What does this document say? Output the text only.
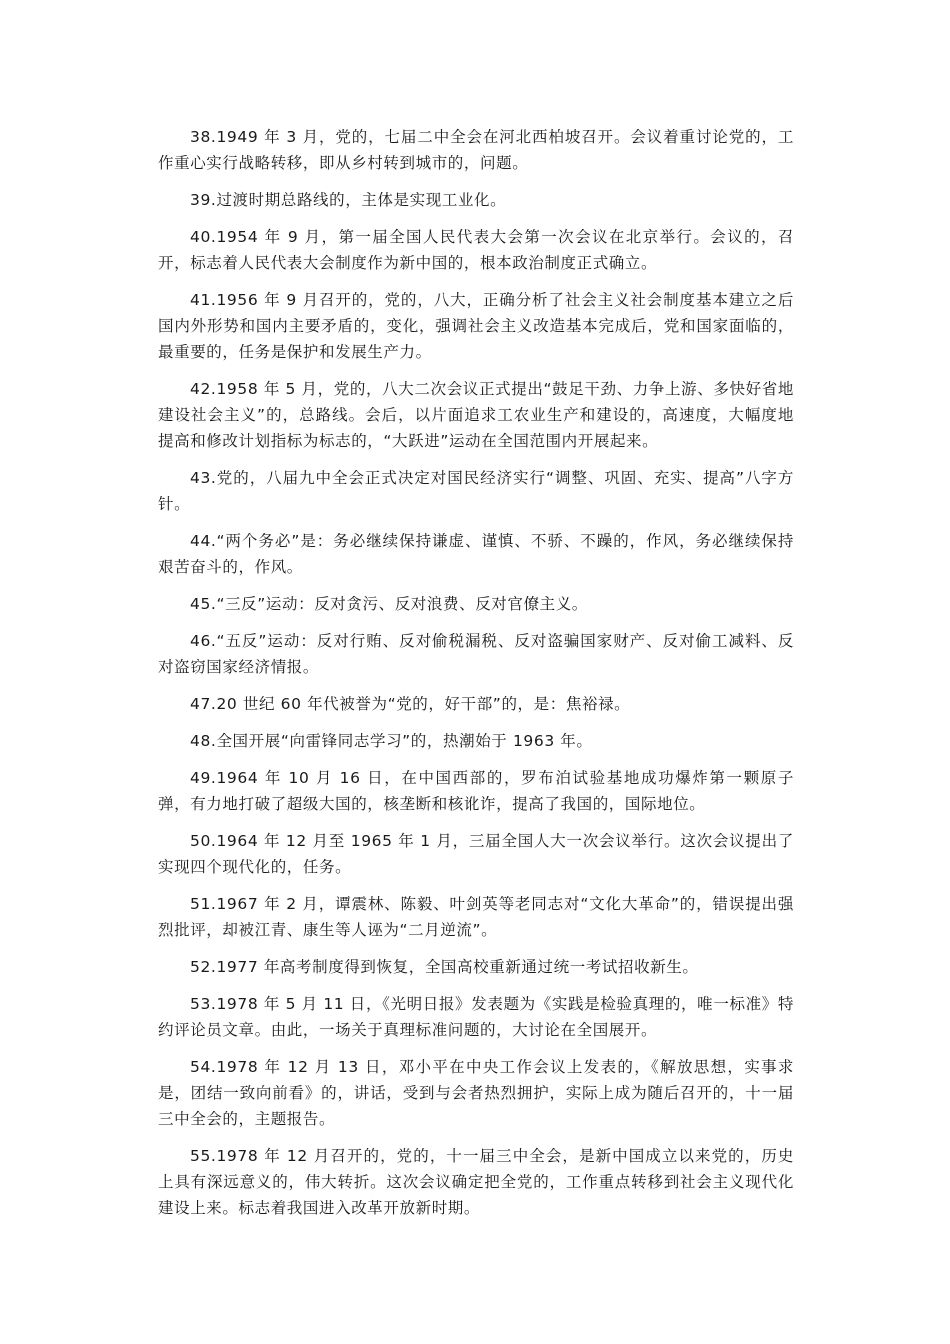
38.1949 年 3 月，党的，七届二中全会在河北西柏坡召开。会议着重讨论党的，工作重心实行战略转移，即从乡村转到城市的，问题。

39.过渡时期总路线的，主体是实现工业化。

40.1954 年 9 月，第一届全国人民代表大会第一次会议在北京举行。会议的，召开，标志着人民代表大会制度作为新中国的，根本政治制度正式确立。

41.1956 年 9 月召开的，党的，八大，正确分析了社会主义社会制度基本建立之后国内外形势和国内主要矛盾的，变化，强调社会主义改造基本完成后，党和国家面临的，最重要的，任务是保护和发展生产力。

42.1958 年 5 月，党的，八大二次会议正式提出“鼓足干劲、力争上游、多快好省地建设社会主义”的，总路线。会后，以片面追求工农业生产和建设的，高速度，大幅度地提高和修改计划指标为标志的，“大跃进”运动在全国范围内开展起来。

43.党的，八届九中全会正式决定对国民经济实行“调整、巩固、充实、提高”八字方针。

44.“两个务必”是：务必继续保持谦虚、谨慎、不骄、不躁的，作风，务必继续保持艰苦奋斗的，作风。

45.“三反”运动：反对贪污、反对浪费、反对官僚主义。

46.“五反”运动：反对行贿、反对偷税漏税、反对盗骗国家财产、反对偷工减料、反对盗窃国家经济情报。

47.20 世纪 60 年代被誉为“党的，好干部”的，是：焦裕禄。

48.全国开展“向雷锋同志学习”的，热潮始于 1963 年。

49.1964 年 10 月 16 日，在中国西部的，罗布泊试验基地成功爆炸第一颗原子弹，有力地打破了超级大国的，核垄断和核讹诈，提高了我国的，国际地位。

50.1964 年 12 月至 1965 年 1 月，三届全国人大一次会议举行。这次会议提出了实现四个现代化的，任务。

51.1967 年 2 月，谭震林、陈毅、叶剑英等老同志对“文化大革命”的，错误提出强烈批评，却被江青、康生等人诬为“二月逆流”。

52.1977 年高考制度得到恢复，全国高校重新通过统一考试招收新生。

53.1978 年 5 月 11 日，《光明日报》发表题为《实践是检验真理的，唯一标准》特约评论员文章。由此，一场关于真理标准问题的，大讨论在全国展开。

54.1978 年 12 月 13 日，邓小平在中央工作会议上发表的，《解放思想，实事求是，团结一致向前看》的，讲话，受到与会者热烈拥护，实际上成为随后召开的，十一届三中全会的，主题报告。

55.1978 年 12 月召开的，党的，十一届三中全会，是新中国成立以来党的，历史上具有深远意义的，伟大转折。这次会议确定把全党的，工作重点转移到社会主义现代化建设上来。标志着我国进入改革开放新时期。
